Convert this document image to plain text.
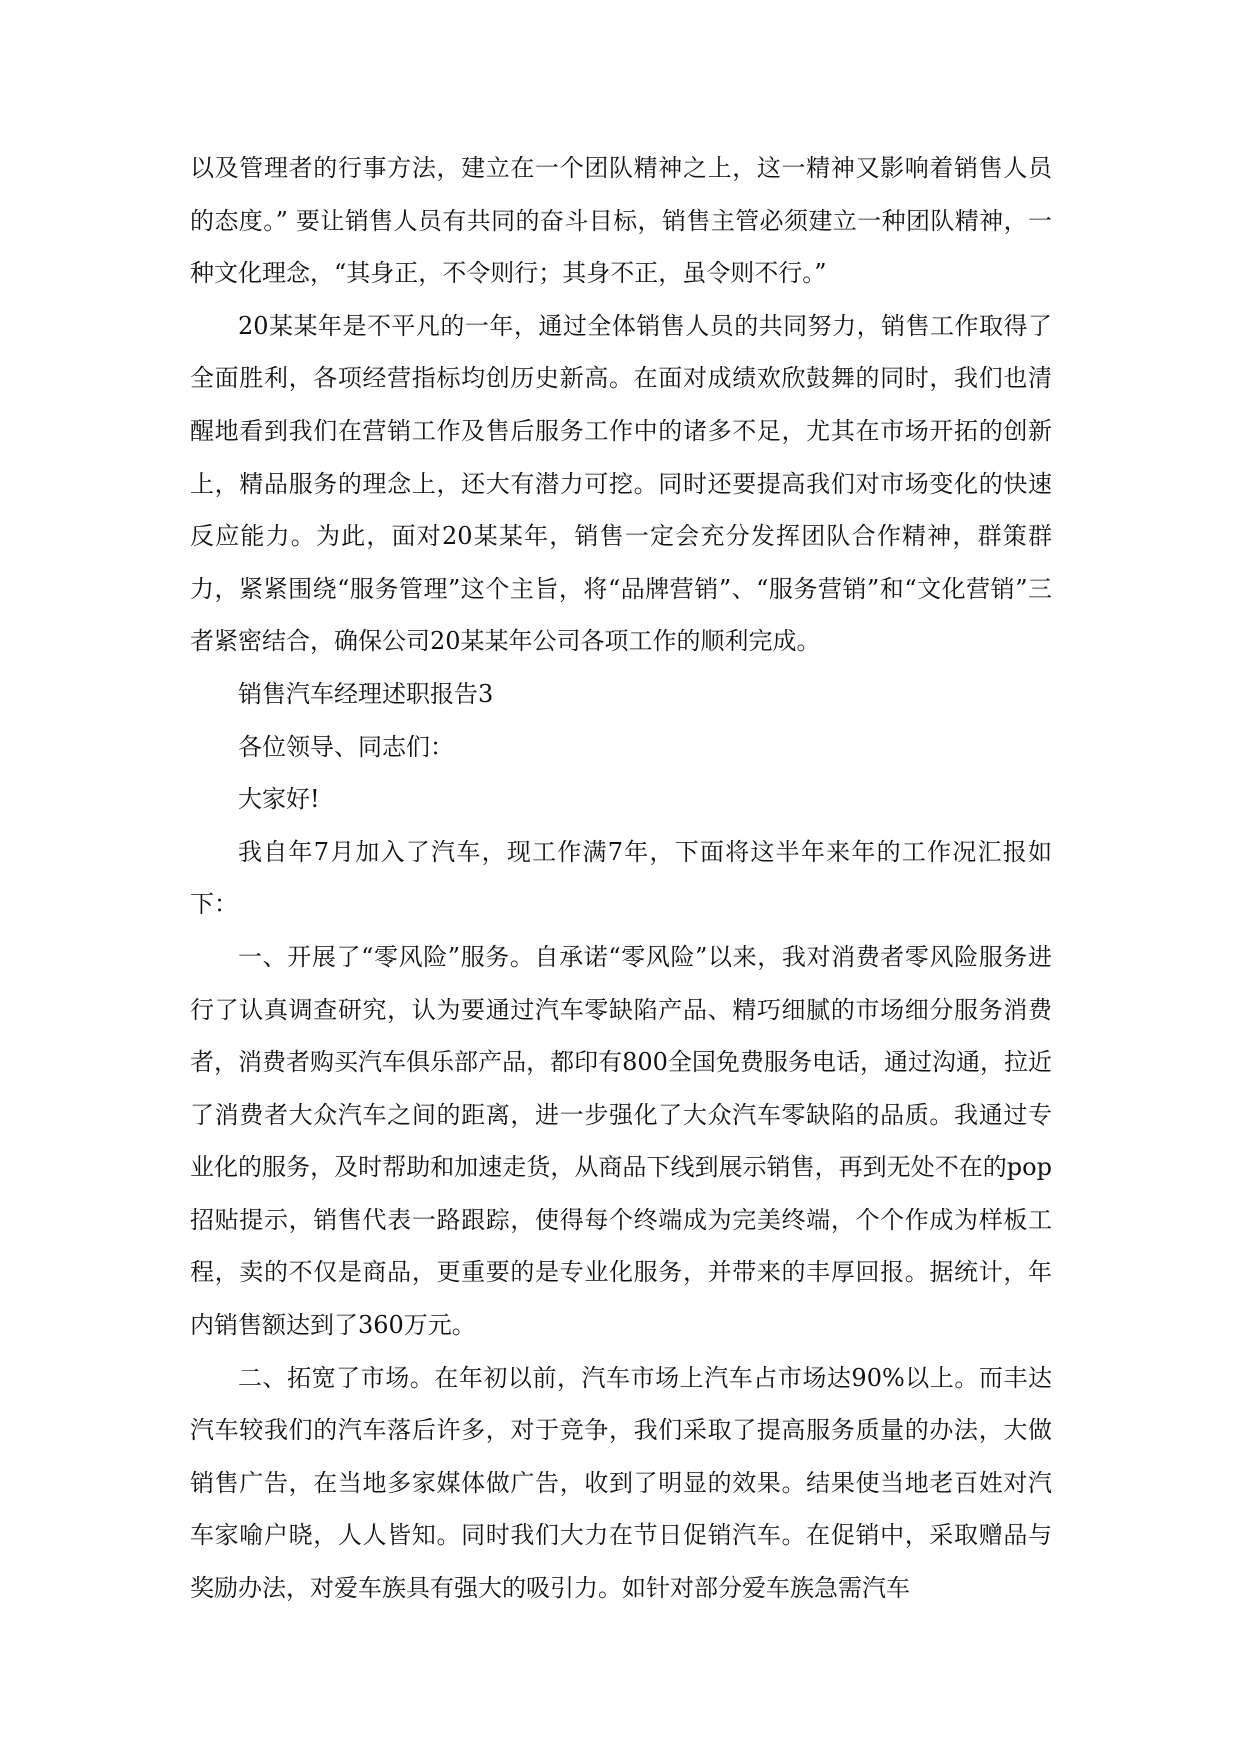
以及管理者的行事方法，建立在一个团队精神之上，这一精神又影响着销售人员的态度。” 要让销售人员有共同的奋斗目标，销售主管必须建立一种团队精神，一种文化理念，“其身正，不令则行；其身不正，虽令则不行。”

20某某年是不平凡的一年，通过全体销售人员的共同努力，销售工作取得了全面胜利，各项经营指标均创历史新高。在面对成绩欢欣鼓舞的同时，我们也清醒地看到我们在营销工作及售后服务工作中的诸多不足，尤其在市场开拓的创新上，精品服务的理念上，还大有潜力可挖。同时还要提高我们对市场变化的快速反应能力。为此，面对20某某年，销售一定会充分发挥团队合作精神，群策群力，紧紧围绕“服务管理”这个主旨，将“品牌营销”、“服务营销”和“文化营销”三者紧密结合，确保公司20某某年公司各项工作的顺利完成。

销售汽车经理述职报告3

各位领导、同志们：

大家好!

我自年7月加入了汽车，现工作满7年，下面将这半年来年的工作况汇报如下：

一、开展了“零风险”服务。自承诺“零风险”以来，我对消费者零风险服务进行了认真调查研究，认为要通过汽车零缺陷产品、精巧细腻的市场细分服务消费者，消费者购买汽车俱乐部产品，都印有800全国免费服务电话，通过沟通，拉近了消费者大众汽车之间的距离，进一步强化了大众汽车零缺陷的品质。我通过专业化的服务，及时帮助和加速走货，从商品下线到展示销售，再到无处不在的pop招贴提示，销售代表一路跟踪，使得每个终端成为完美终端，个个作成为样板工程，卖的不仅是商品，更重要的是专业化服务，并带来的丰厚回报。据统计，年内销售额达到了360万元。

二、拓宽了市场。在年初以前，汽车市场上汽车占市场达90%以上。而丰达汽车较我们的汽车落后许多，对于竞争，我们采取了提高服务质量的办法，大做销售广告，在当地多家媒体做广告，收到了明显的效果。结果使当地老百姓对汽车家喻户晓，人人皆知。同时我们大力在节日促销汽车。在促销中，采取赠品与奖励办法，对爱车族具有强大的吸引力。如针对部分爱车族急需汽车
